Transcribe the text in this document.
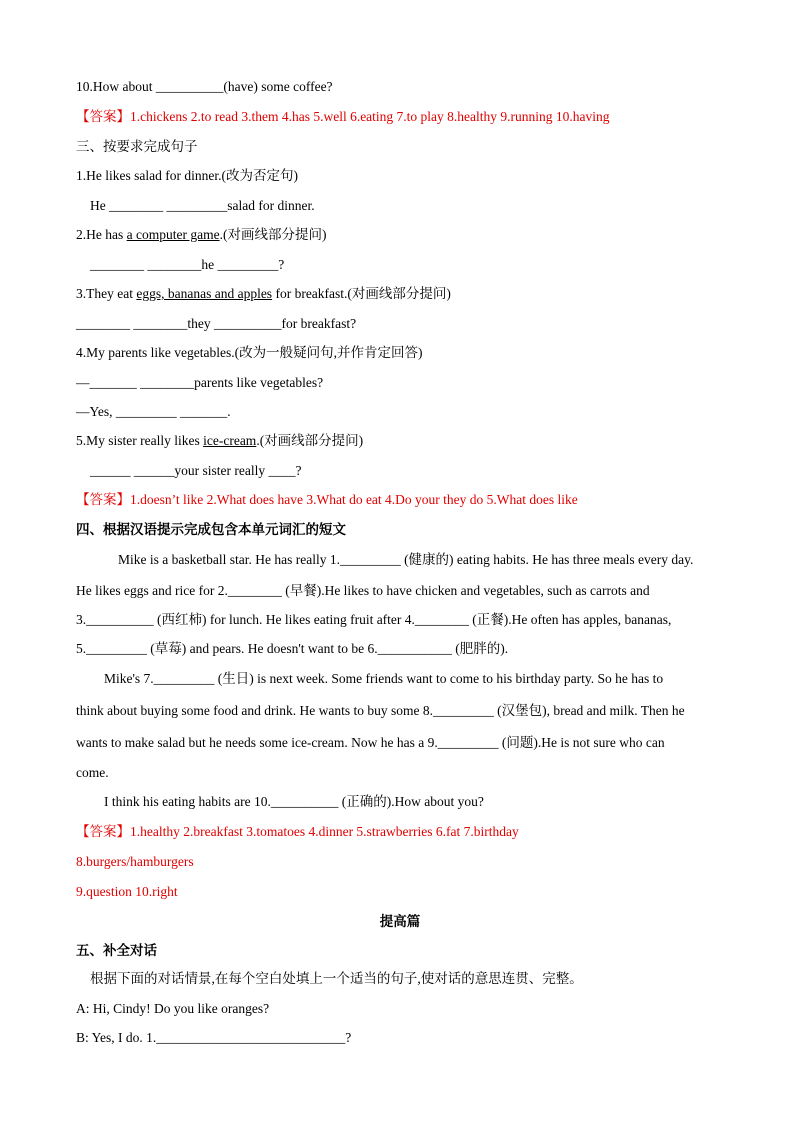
10.How about __________(have) some coffee?
【答案】1.chickens 2.to read 3.them 4.has 5.well 6.eating 7.to play 8.healthy 9.running 10.having
三、按要求完成句子
1.He likes salad for dinner.(改为否定句)
He ________ _________salad for dinner.
2.He has a computer game.(对画线部分提问)
________ ________he _________?
3.They eat eggs, bananas and apples for breakfast.(对画线部分提问)
________ ________they __________for breakfast?
4.My parents like vegetables.(改为一般疑问句,并作肯定回答)
—_______ ________parents like vegetables?
—Yes, _________ _______.
5.My sister really likes ice-cream.(对画线部分提问)
______ ______your sister really ____?
【答案】1.doesn’t like 2.What does have 3.What do eat 4.Do your they do 5.What does like
四、根据汉语提示完成包含本单元词汇的短文
Mike is a basketball star. He has really 1._________ (健康的) eating habits. He has three meals every day.
He likes eggs and rice for 2.________ (早餐).He likes to have chicken and vegetables, such as carrots and
3.__________ (西红柿) for lunch. He likes eating fruit after 4.________ (正餐).He often has apples, bananas,
5._________ (草莓) and pears. He doesn't want to be 6.___________ (肥胖的).
Mike's 7._________ (生日) is next week. Some friends want to come to his birthday party. So he has to
think about buying some food and drink. He wants to buy some 8._________ (汉堡包), bread and milk. Then he
wants to make salad but he needs some ice-cream. Now he has a 9._________ (问题).He is not sure who can
come.
I think his eating habits are 10.__________ (正确的).How about you?
【答案】1.healthy 2.breakfast 3.tomatoes 4.dinner 5.strawberries 6.fat 7.birthday
8.burgers/hamburgers
9.question 10.right
提高篇
五、补全对话
根据下面的对话情景,在每个空白处填上一个适当的句子,使对话的意思连贯、完整。
A: Hi, Cindy! Do you like oranges?
B: Yes, I do. 1.____________________________?
